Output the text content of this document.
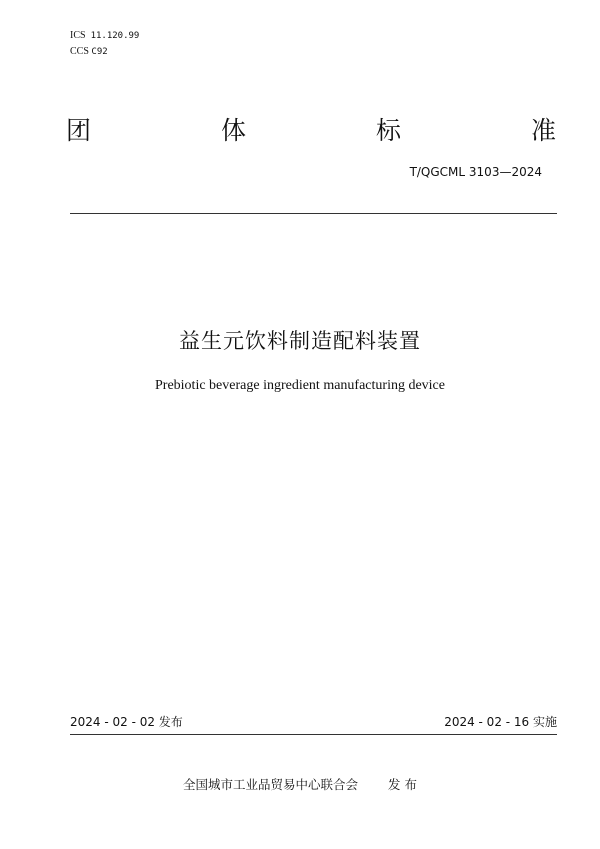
ICS 11.120.99
CCS C92
团	体	标	准
T/QGCML 3103—2024
益生元饮料制造配料装置
Prebiotic beverage ingredient manufacturing device
2024 - 02 - 02 发布	2024 - 02 - 16 实施
全国城市工业品贸易中心联合会 发 布
